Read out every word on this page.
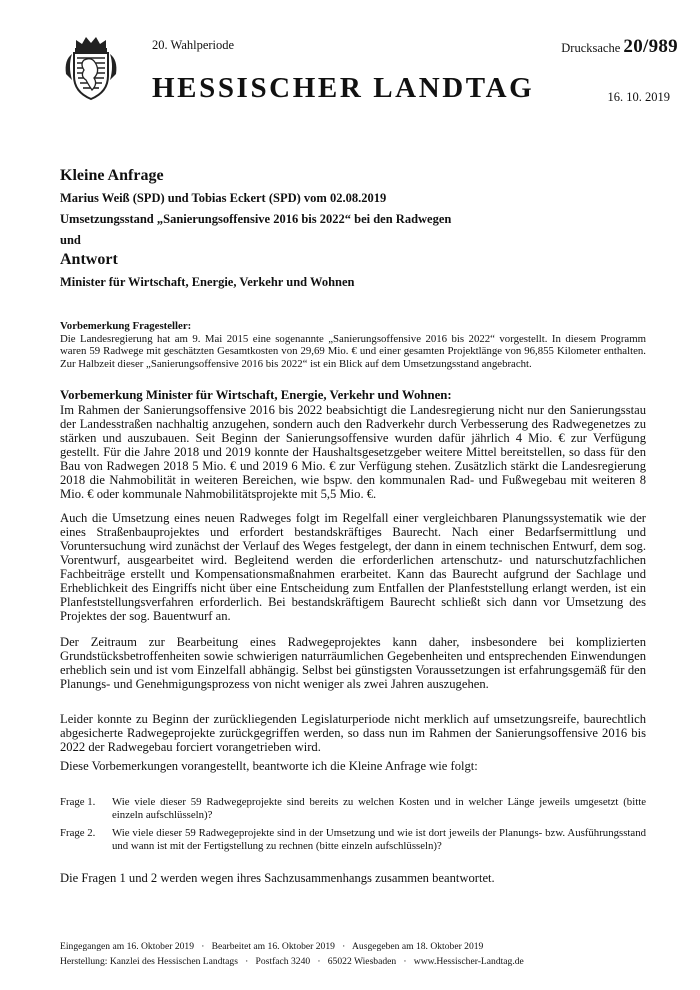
20. Wahlperiode
HESSISCHER LANDTAG
Drucksache 20/989
16. 10. 2019
Kleine Anfrage
Marius Weiß (SPD) und Tobias Eckert (SPD) vom 02.08.2019
Umsetzungsstand „Sanierungsoffensive 2016 bis 2022“ bei den Radwegen
und
Antwort
Minister für Wirtschaft, Energie, Verkehr und Wohnen

Vorbemerkung Fragesteller:

Die Landesregierung hat am 9. Mai 2015 eine sogenannte „Sanierungsoffensive 2016 bis 2022“ vorgestellt. In diesem Programm waren 59 Radwege mit geschätzten Gesamtkosten von 29,69 Mio. € und einer gesamten Projektlänge von 96,855 Kilometer enthalten. Zur Halbzeit dieser „Sanierungsoffensive 2016 bis 2022“ ist ein Blick auf dem Umsetzungsstand angebracht.

Vorbemerkung Minister für Wirtschaft, Energie, Verkehr und Wohnen:

Im Rahmen der Sanierungsoffensive 2016 bis 2022 beabsichtigt die Landesregierung nicht nur den Sanierungsstau der Landesstraßen nachhaltig anzugehen, sondern auch den Radverkehr durch Verbesserung des Radwegenetzes zu stärken und auszubauen. Seit Beginn der Sanierungsoffensive wurden dafür jährlich 4 Mio. € zur Verfügung gestellt. Für die Jahre 2018 und 2019 konnte der Haushaltsgesetzgeber weitere Mittel bereitstellen, so dass für den Bau von Radwegen 2018 5 Mio. € und 2019 6 Mio. € zur Verfügung stehen. Zusätzlich stärkt die Landesregierung 2018 die Nahmobilität in weiteren Bereichen, wie bspw. den kommunalen Rad- und Fußwegebau mit weiteren 8 Mio. € oder kommunale Nahmobilitätsprojekte mit 5,5 Mio. €.

Auch die Umsetzung eines neuen Radweges folgt im Regelfall einer vergleichbaren Planungssystematik wie der eines Straßenbauprojektes und erfordert bestandskräftiges Baurecht. Nach einer Bedarfsermittlung und Voruntersuchung wird zunächst der Verlauf des Weges festgelegt, der dann in einem technischen Entwurf, dem sog. Vorentwurf, ausgearbeitet wird. Begleitend werden die erforderlichen artenschutz- und naturschutzfachlichen Fachbeiträge erstellt und Kompensationsmaßnahmen erarbeitet. Kann das Baurecht aufgrund der Sachlage und Erheblichkeit des Eingriffs nicht über eine Entscheidung zum Entfallen der Planfeststellung erlangt werden, ist ein Planfeststellungsverfahren erforderlich. Bei bestandskräftigem Baurecht schließt sich dann vor Umsetzung des Projektes der sog. Bauentwurf an.

Der Zeitraum zur Bearbeitung eines Radwegeprojektes kann daher, insbesondere bei komplizierten Grundstücksbetroffenheiten sowie schwierigen naturräumlichen Gegebenheiten und entsprechenden Einwendungen erheblich sein und ist vom Einzelfall abhängig. Selbst bei günstigsten Voraussetzungen ist erfahrungsgemäß für den Planungs- und Genehmigungsprozess von nicht weniger als zwei Jahren auszugehen.

Leider konnte zu Beginn der zurückliegenden Legislaturperiode nicht merklich auf umsetzungsreife, baurechtlich abgesicherte Radwegeprojekte zurückgegriffen werden, so dass nun im Rahmen der Sanierungsoffensive 2016 bis 2022 der Radwegebau forciert vorangetrieben wird.

Diese Vorbemerkungen vorangestellt, beantworte ich die Kleine Anfrage wie folgt:

Frage 1.	Wie viele dieser 59 Radwegeprojekte sind bereits zu welchen Kosten und in welcher Länge jeweils umgesetzt (bitte einzeln aufschlüsseln)?
Frage 2.	Wie viele dieser 59 Radwegeprojekte sind in der Umsetzung und wie ist dort jeweils der Planungs- bzw. Ausführungsstand und wann ist mit der Fertigstellung zu rechnen (bitte einzeln aufschlüsseln)?
Die Fragen 1 und 2 werden wegen ihres Sachzusammenhangs zusammen beantwortet.
Eingegangen am 16. Oktober 2019   ·   Bearbeitet am 16. Oktober 2019   ·   Ausgegeben am 18. Oktober 2019
Herstellung: Kanzlei des Hessischen Landtags   ·   Postfach 3240   ·   65022 Wiesbaden   ·   www.Hessischer-Landtag.de
